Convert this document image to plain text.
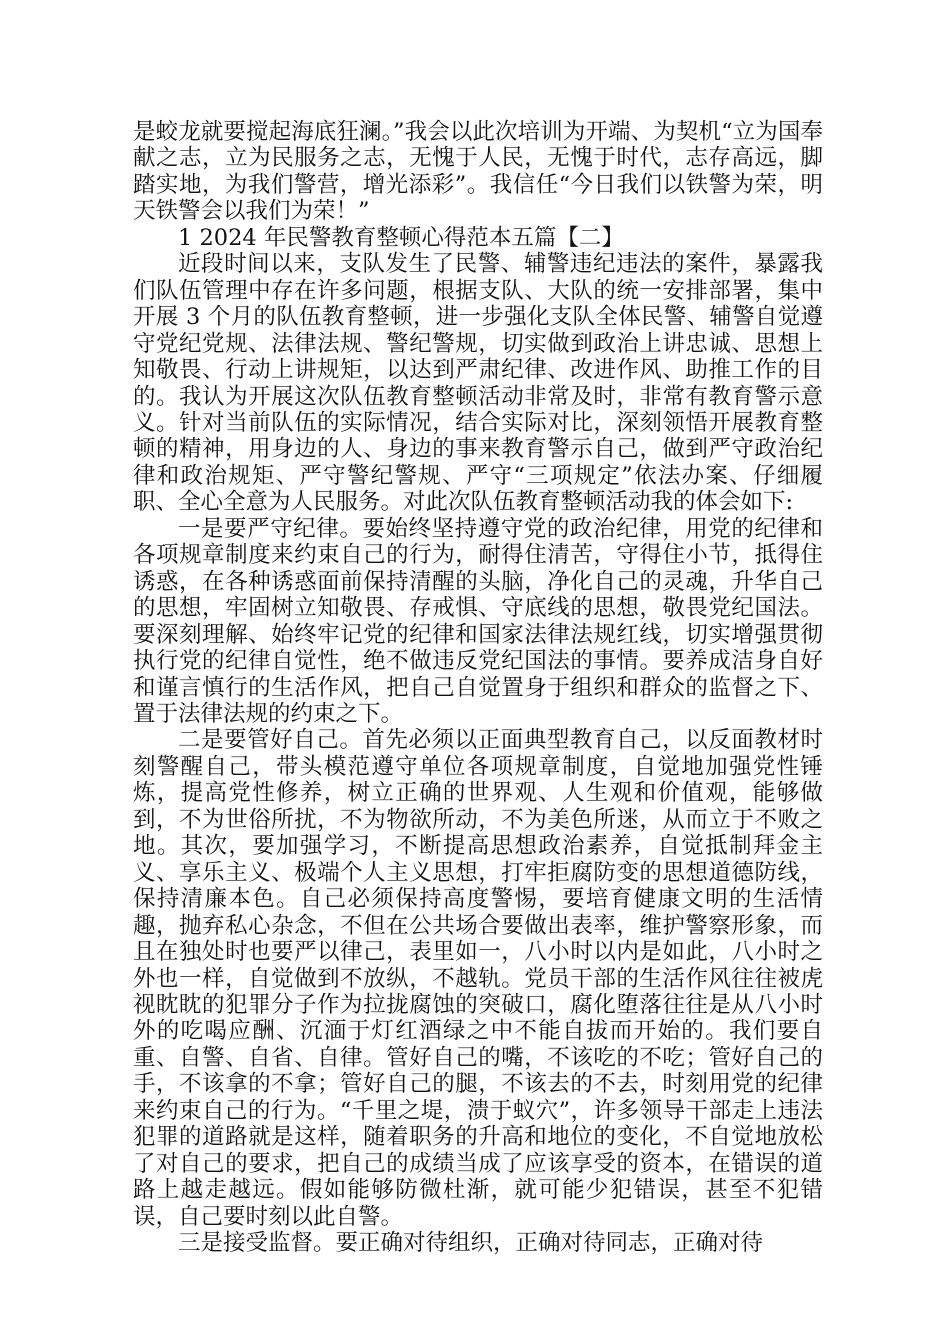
是蛟龙就要搅起海底狂澜。”我会以此次培训为开端、为契机“立为国奉献之志，立为民服务之志，无愧于人民，无愧于时代，志存高远，脚踏实地，为我们警营，增光添彩”。我信任“今日我们以铁警为荣，明天铁警会以我们为荣！”

1 2024 年民警教育整顿心得范本五篇【二】

近段时间以来，支队发生了民警、辅警违纪违法的案件，暴露我们队伍管理中存在许多问题，根据支队、大队的统一安排部署，集中开展 3 个月的队伍教育整顿，进一步强化支队全体民警、辅警自觉遵守党纪党规、法律法规、警纪警规，切实做到政治上讲忠诚、思想上知敬畏、行动上讲规矩，以达到严肃纪律、改进作风、助推工作的目的。我认为开展这次队伍教育整顿活动非常及时，非常有教育警示意义。针对当前队伍的实际情况，结合实际对比，深刻领悟开展教育整顿的精神，用身边的人、身边的事来教育警示自己，做到严守政治纪律和政治规矩、严守警纪警规、严守“三项规定”依法办案、仔细履职、全心全意为人民服务。对此次队伍教育整顿活动我的体会如下:

一是要严守纪律。要始终坚持遵守党的政治纪律，用党的纪律和各项规章制度来约束自己的行为，耐得住清苦，守得住小节，抵得住诱惑，在各种诱惑面前保持清醒的头脑，净化自己的灵魂，升华自己的思想，牢固树立知敬畏、存戒惧、守底线的思想，敬畏党纪国法。要深刻理解、始终牢记党的纪律和国家法律法规红线，切实增强贯彻执行党的纪律自觉性，绝不做违反党纪国法的事情。要养成洁身自好和谨言慎行的生活作风，把自己自觉置身于组织和群众的监督之下、置于法律法规的约束之下。

二是要管好自己。首先必须以正面典型教育自己，以反面教材时刻警醒自己，带头模范遵守单位各项规章制度，自觉地加强党性锤炼，提高党性修养，树立正确的世界观、人生观和价值观，能够做到，不为世俗所扰，不为物欲所动，不为美色所迷，从而立于不败之地。其次，要加强学习，不断提高思想政治素养，自觉抵制拜金主义、享乐主义、极端个人主义思想，打牢拒腐防变的思想道德防线，保持清廉本色。自己必须保持高度警惕，要培育健康文明的生活情趣，抛弃私心杂念，不但在公共场合要做出表率，维护警察形象，而且在独处时也要严以律己，表里如一，八小时以内是如此，八小时之外也一样，自觉做到不放纵，不越轨。党员干部的生活作风往往被虎视眈眈的犯罪分子作为拉拢腐蚀的突破口，腐化堕落往往是从八小时外的吃喝应酬、沉湎于灯红酒绿之中不能自拔而开始的。我们要自重、自警、自省、自律。管好自己的嘴，不该吃的不吃；管好自己的手，不该拿的不拿；管好自己的腿，不该去的不去，时刻用党的纪律来约束自己的行为。“千里之堤，溃于蚁穴”，许多领导干部走上违法犯罪的道路就是这样，随着职务的升高和地位的变化，不自觉地放松了对自己的要求，把自己的成绩当成了应该享受的资本，在错误的道路上越走越远。假如能够防微杜渐，就可能少犯错误，甚至不犯错误，自己要时刻以此自警。

三是接受监督。要正确对待组织，正确对待同志，正确对待
